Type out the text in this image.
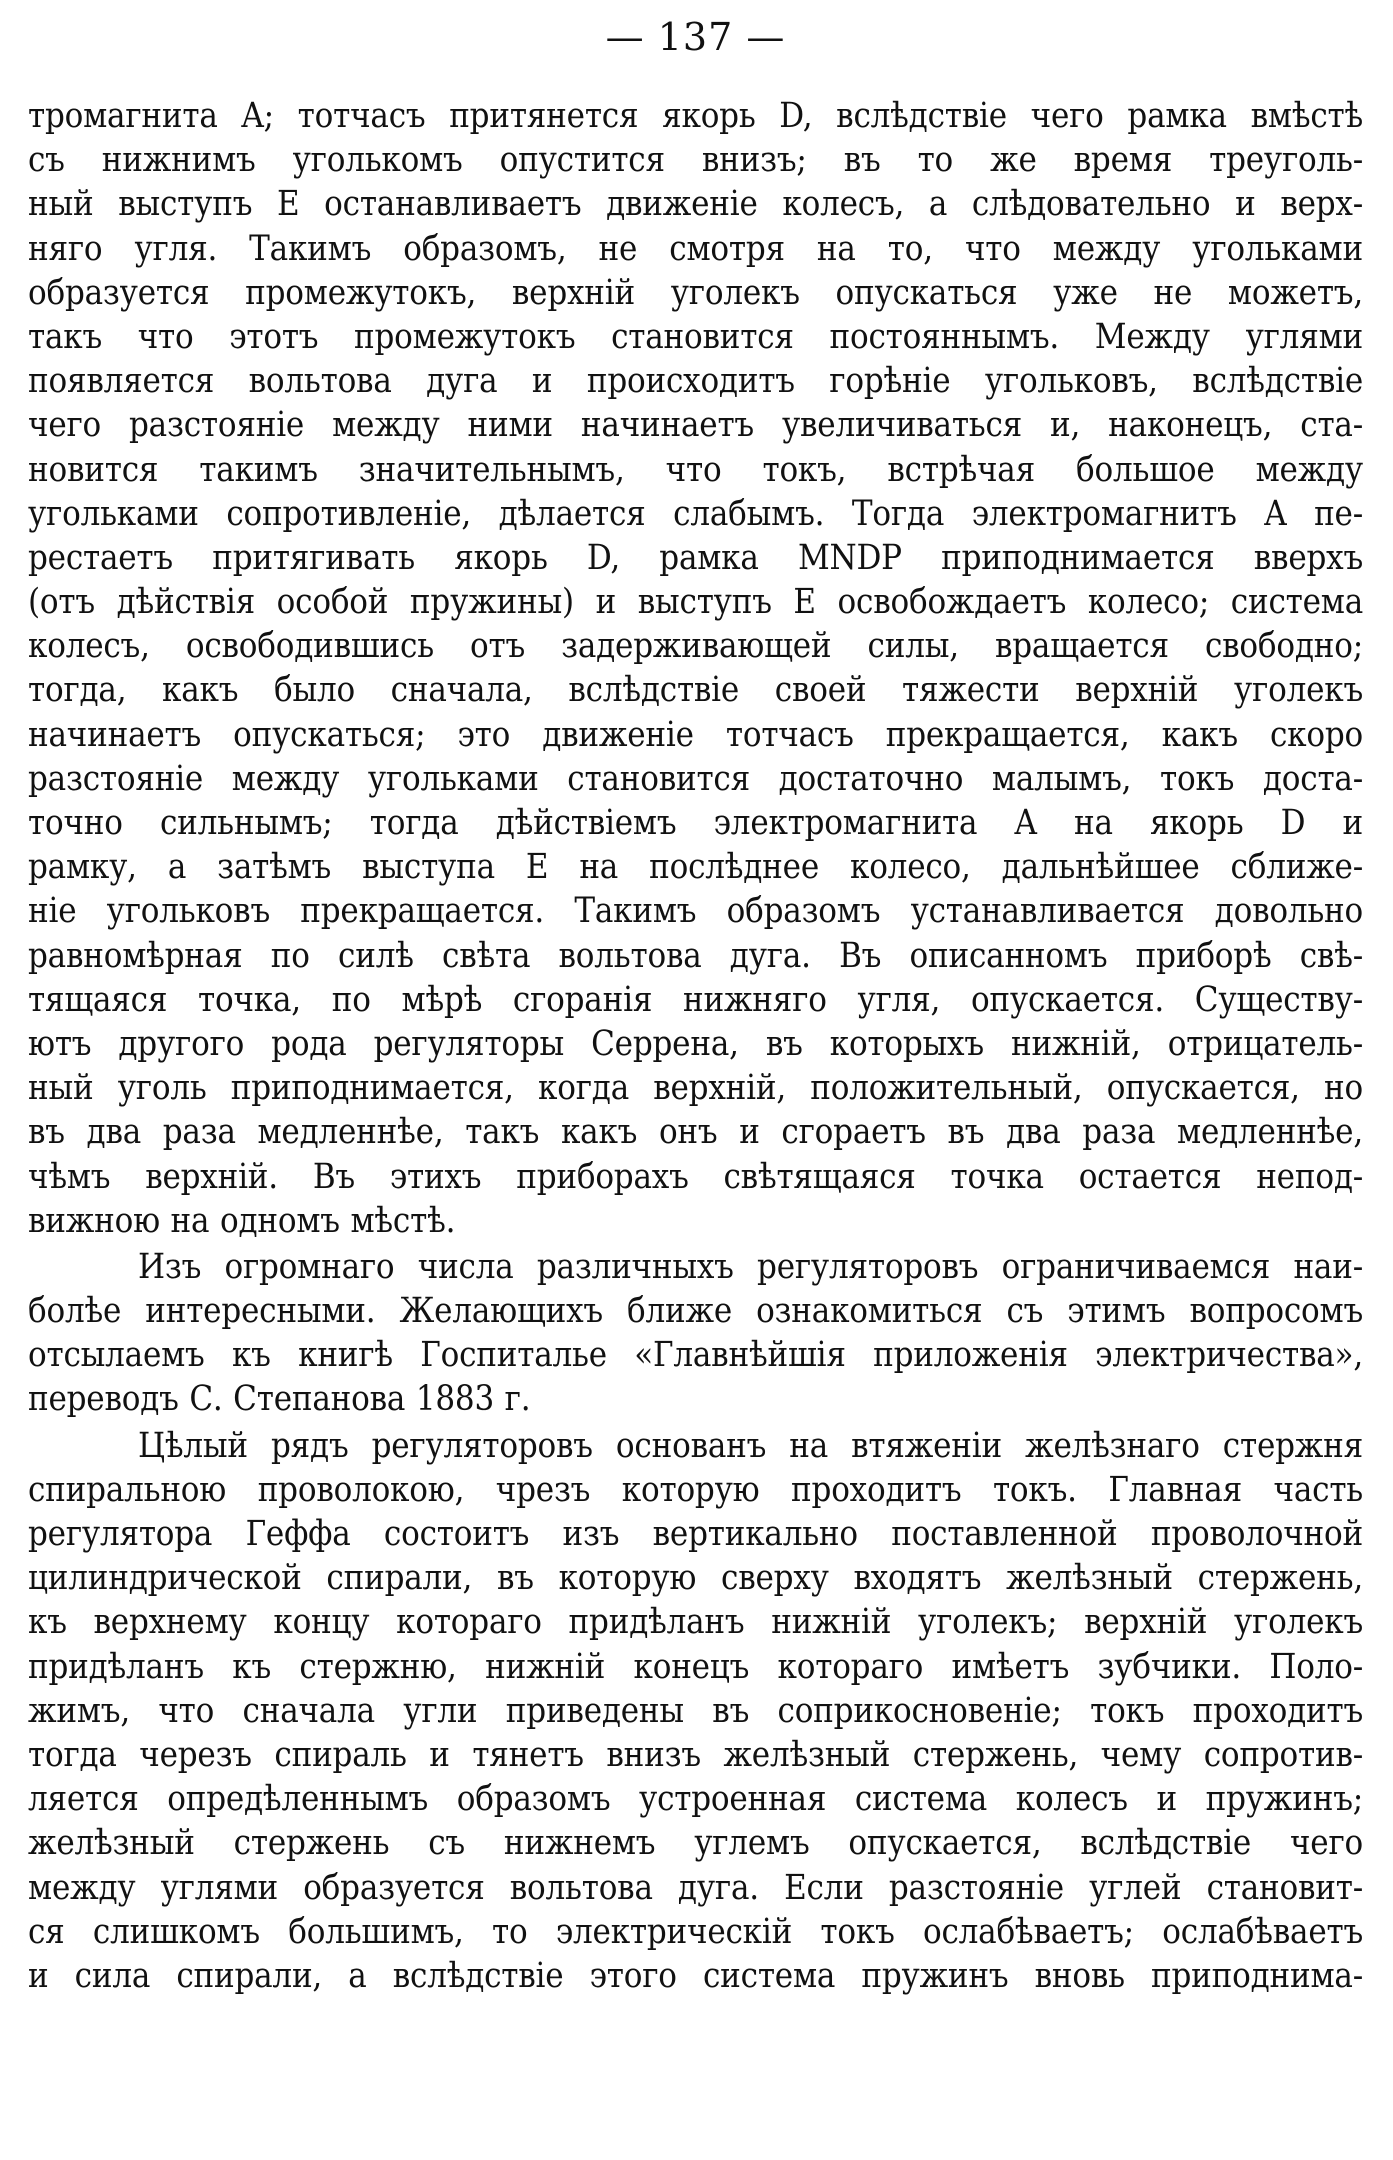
— 137 —
тромагнита A; тотчасъ притянется якорь D, вслѣдствіе чего рамка вмѣстѣ
съ нижнимъ уголькомъ опустится внизъ; въ то же время треуголь-
ный выступъ E останавливаетъ движеніе колесъ, а слѣдовательно и верх-
няго угля. Такимъ образомъ, не смотря на то, что между угольками
образуется промежутокъ, верхній уголекъ опускаться уже не можетъ,
такъ что этотъ промежутокъ становится постояннымъ. Между углями
появляется вольтова дуга и происходитъ горѣніе угольковъ, вслѣдствіе
чего разстояніе между ними начинаетъ увеличиваться и, наконецъ, ста-
новится такимъ значительнымъ, что токъ, встрѣчая большое между
угольками сопротивленіе, дѣлается слабымъ. Тогда электромагнитъ A пе-
рестаетъ притягивать якорь D, рамка MNDP приподнимается вверхъ
(отъ дѣйствія особой пружины) и выступъ E освобождаетъ колесо; система
колесъ, освободившись отъ задерживающей силы, вращается свободно;
тогда, какъ было сначала, вслѣдствіе своей тяжести верхній уголекъ
начинаетъ опускаться; это движеніе тотчасъ прекращается, какъ скоро
разстояніе между угольками становится достаточно малымъ, токъ доста-
точно сильнымъ; тогда дѣйствіемъ электромагнита A на якорь D и
рамку, а затѣмъ выступа E на послѣднее колесо, дальнѣйшее сближе-
ніе угольковъ прекращается. Такимъ образомъ устанавливается довольно
равномѣрная по силѣ свѣта вольтова дуга. Въ описанномъ приборѣ свѣ-
тящаяся точка, по мѣрѣ сгоранія нижняго угля, опускается. Существу-
ютъ другого рода регуляторы Серрена, въ которыхъ нижній, отрицатель-
ный уголь приподнимается, когда верхній, положительный, опускается, но
въ два раза медленнѣе, такъ какъ онъ и сгораетъ въ два раза медленнѣе,
чѣмъ верхній. Въ этихъ приборахъ свѣтящаяся точка остается непод-
вижною на одномъ мѣстѣ.
Изъ огромнаго числа различныхъ регуляторовъ ограничиваемся наи-
болѣе интересными. Желающихъ ближе ознакомиться съ этимъ вопросомъ
отсылаемъ къ книгѣ Госпиталье «Главнѣйшія приложенія электричества»,
переводъ С. Степанова 1883 г.
Цѣлый рядъ регуляторовъ основанъ на втяженіи желѣзнаго стержня
спиральною проволокою, чрезъ которую проходитъ токъ. Главная часть
регулятора Геффа состоитъ изъ вертикально поставленной проволочной
цилиндрической спирали, въ которую сверху входятъ желѣзный стержень,
къ верхнему концу котораго придѣланъ нижній уголекъ; верхній уголекъ
придѣланъ къ стержню, нижній конецъ котораго имѣетъ зубчики. Поло-
жимъ, что сначала угли приведены въ соприкосновеніе; токъ проходитъ
тогда черезъ спираль и тянетъ внизъ желѣзный стержень, чему сопротив-
ляется опредѣленнымъ образомъ устроенная система колесъ и пружинъ;
желѣзный стержень съ нижнемъ углемъ опускается, вслѣдствіе чего
между углями образуется вольтова дуга. Если разстояніе углей становит-
ся слишкомъ большимъ, то электрическій токъ ослабѣваетъ; ослабѣваетъ
и сила спирали, а вслѣдствіе этого система пружинъ вновь приподнима-
